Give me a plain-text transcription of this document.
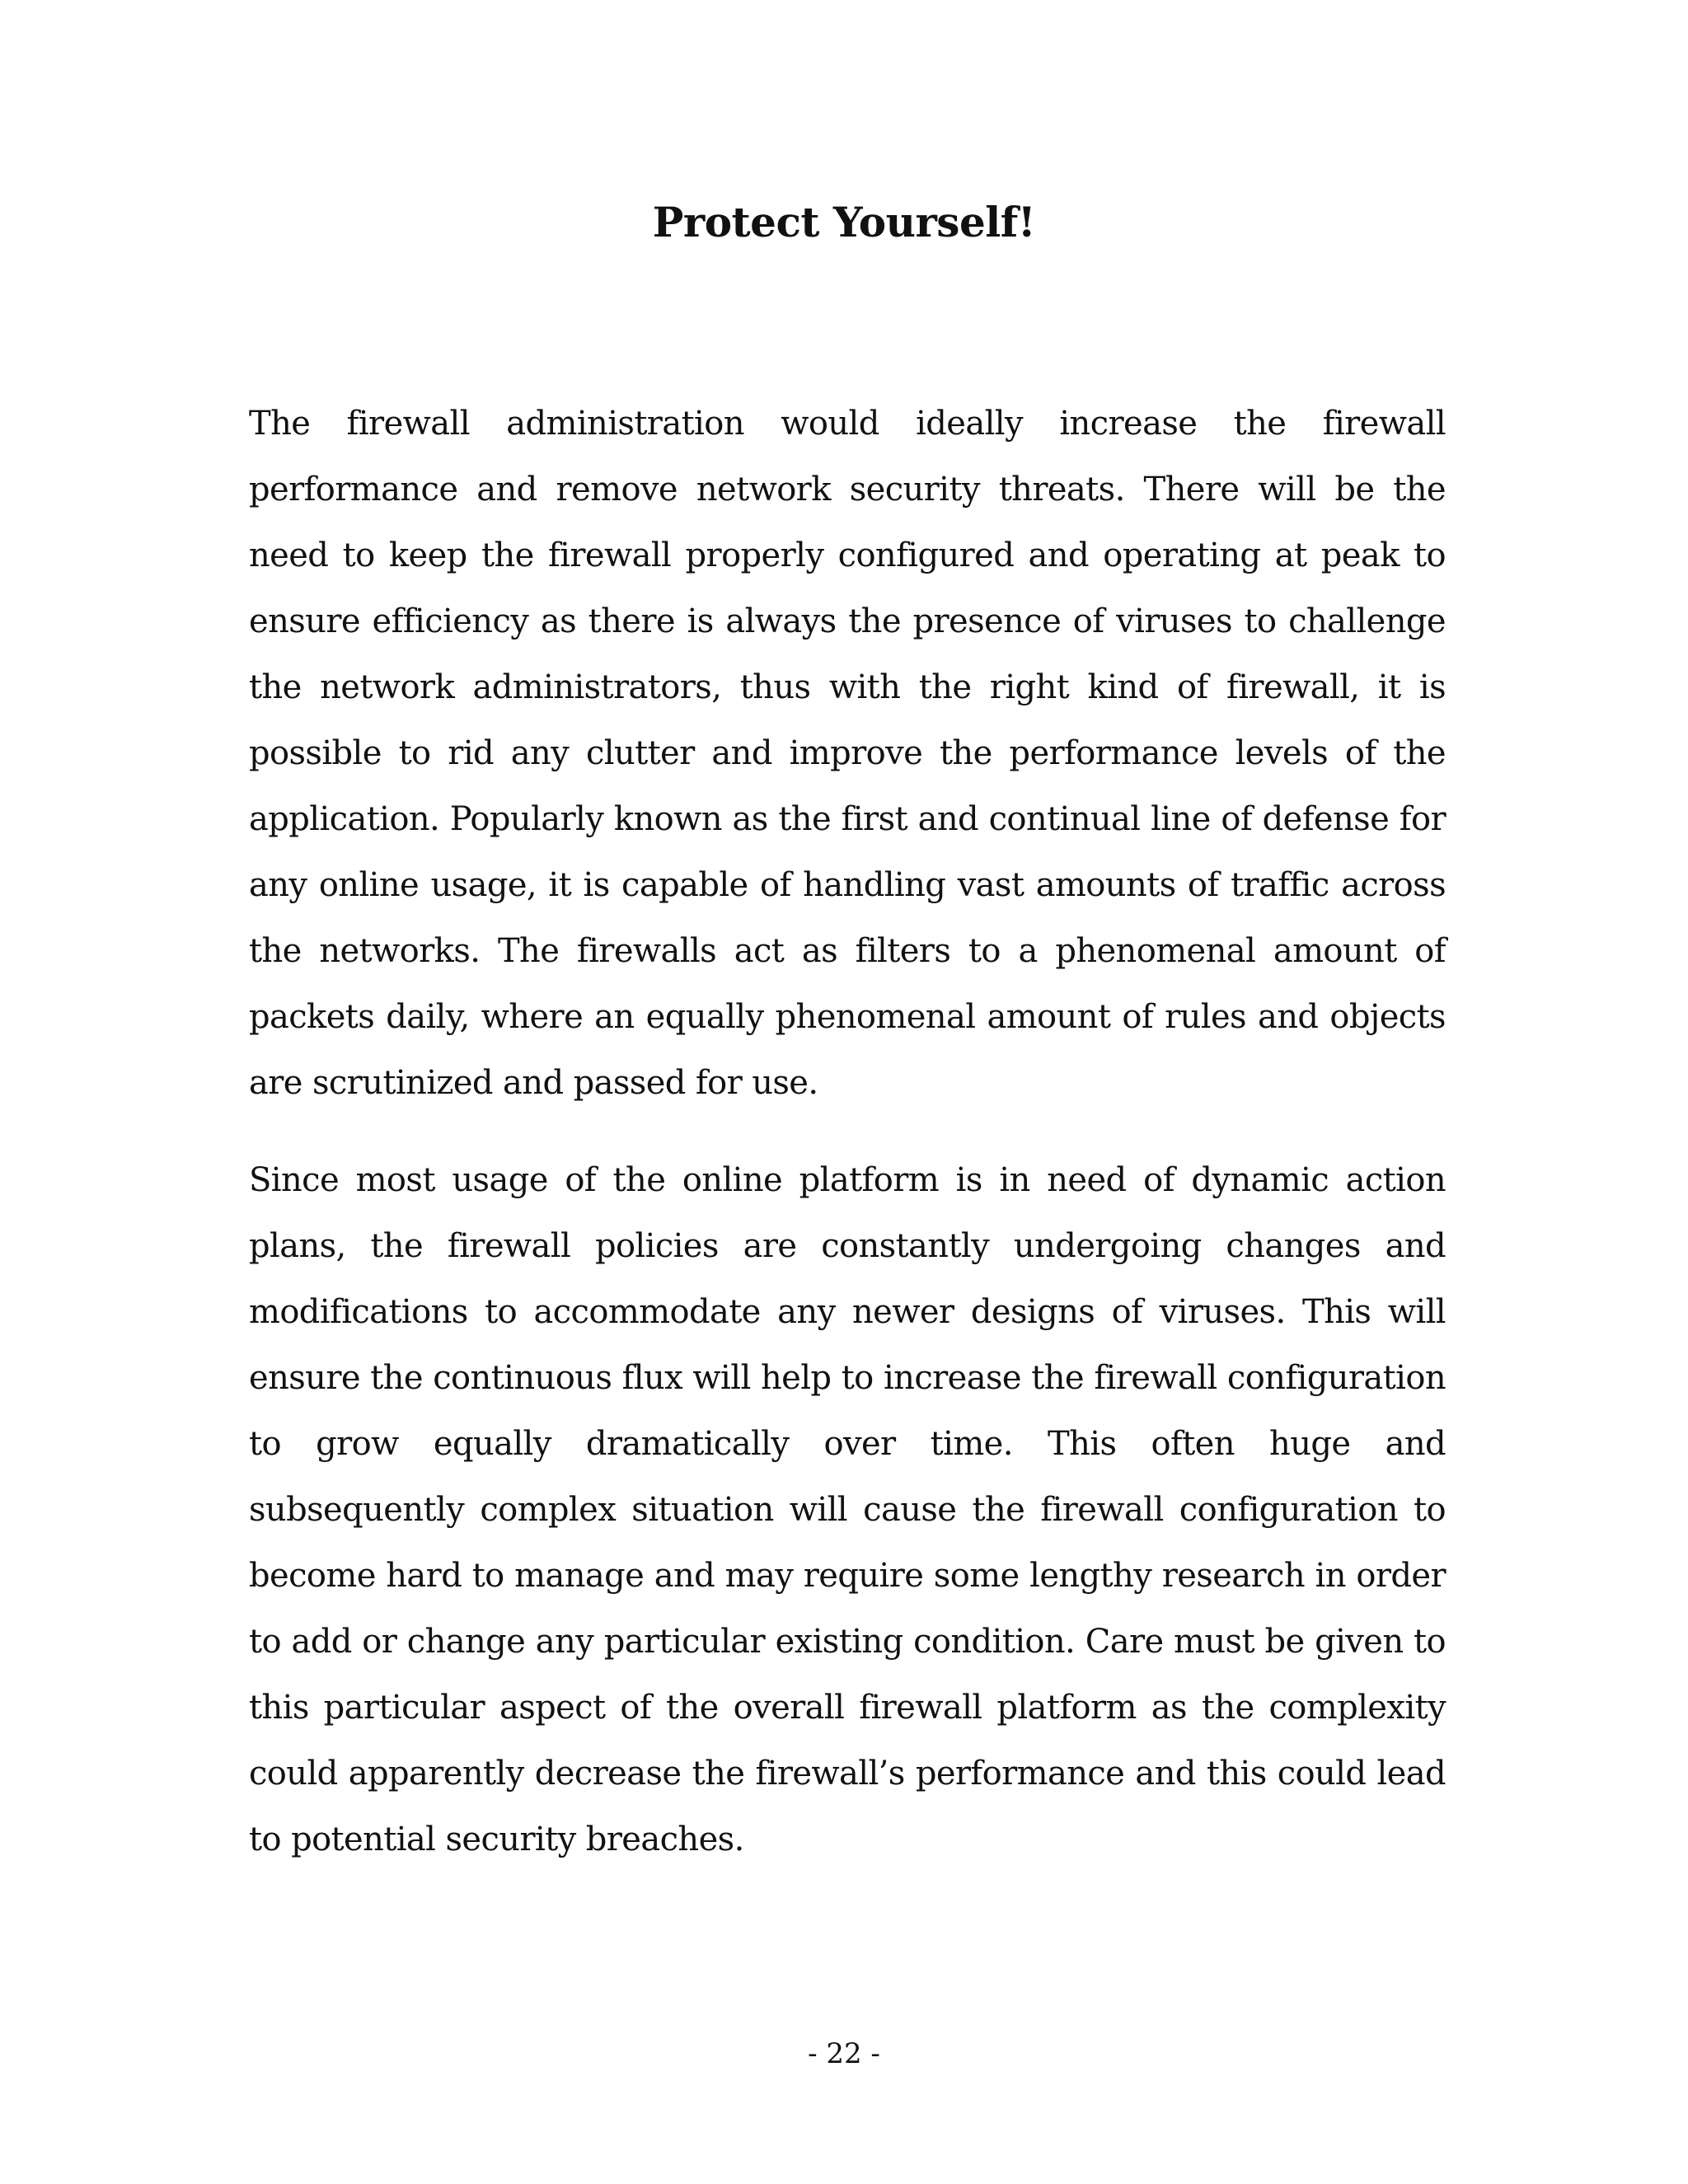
Protect Yourself!

The firewall administration would ideally increase the firewall performance and remove network security threats. There will be the need to keep the firewall properly configured and operating at peak to ensure efficiency as there is always the presence of viruses to challenge the network administrators, thus with the right kind of firewall, it is possible to rid any clutter and improve the performance levels of the application. Popularly known as the first and continual line of defense for any online usage, it is capable of handling vast amounts of traffic across the networks. The firewalls act as filters to a phenomenal amount of packets daily, where an equally phenomenal amount of rules and objects are scrutinized and passed for use.

Since most usage of the online platform is in need of dynamic action plans, the firewall policies are constantly undergoing changes and modifications to accommodate any newer designs of viruses. This will ensure the continuous flux will help to increase the firewall configuration to grow equally dramatically over time. This often huge and subsequently complex situation will cause the firewall configuration to become hard to manage and may require some lengthy research in order to add or change any particular existing condition. Care must be given to this particular aspect of the overall firewall platform as the complexity could apparently decrease the firewall’s performance and this could lead to potential security breaches.

- 22 -
